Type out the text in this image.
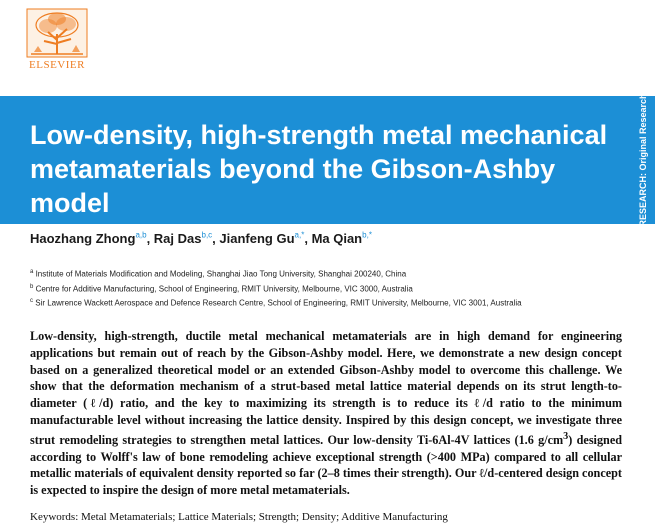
ELSEVIER
Low-density, high-strength metal mechanical metamaterials beyond the Gibson-Ashby model	RESEARCH: Original Research
Haozhang Zhong$^{a,b}$, Raj Das$^{b,c}$, Jianfeng $Gu^{a,*}$, Ma Qian$^{b,*}$
$^a$ Institute of Materials Modification and Modeling, Shanghai Jiao Tong University, Shanghai 200240, China
$^b$ Centre for Additive Manufacturing, School of Engineering, RMIT University, Melbourne, VIC 3000, Australia
$^c$ Sir Lawrence Wackett Aerospace and Defence Research Centre, School of Engineering, RMIT University, Melbourne, VIC 3001, Australia
Low-density, high-strength, ductile metal mechanical metamaterials are in high demand for engineering applications but remain out of reach by the Gibson-Ashby model. Here, we demonstrate a new design concept based on a generalized theoretical model or an extended Gibson-Ashby model to overcome this challenge. We show that the deformation mechanism of a strut-based metal lattice material depends on its strut length-to-diameter (ℓ/d) ratio, and the key to maximizing its strength is to reduce its ℓ/d ratio to the minimum manufacturable level without increasing the lattice density. Inspired by this design concept, we investigate three strut remodeling strategies to strengthen metal lattices. Our low-density Ti-6Al-4V lattices (1.6 $g/cm^3$) designed according to Wolff's law of bone remodeling achieve exceptional strength (>400 MPa) compared to all cellular metallic materials of equivalent density reported so far (2–8 times their strength). Our ℓ/d-centered design concept is expected to inspire the design of more metal metamaterials.
Keywords: Metal Metamaterials; Lattice Materials; Strength; Density; Additive Manufacturing
